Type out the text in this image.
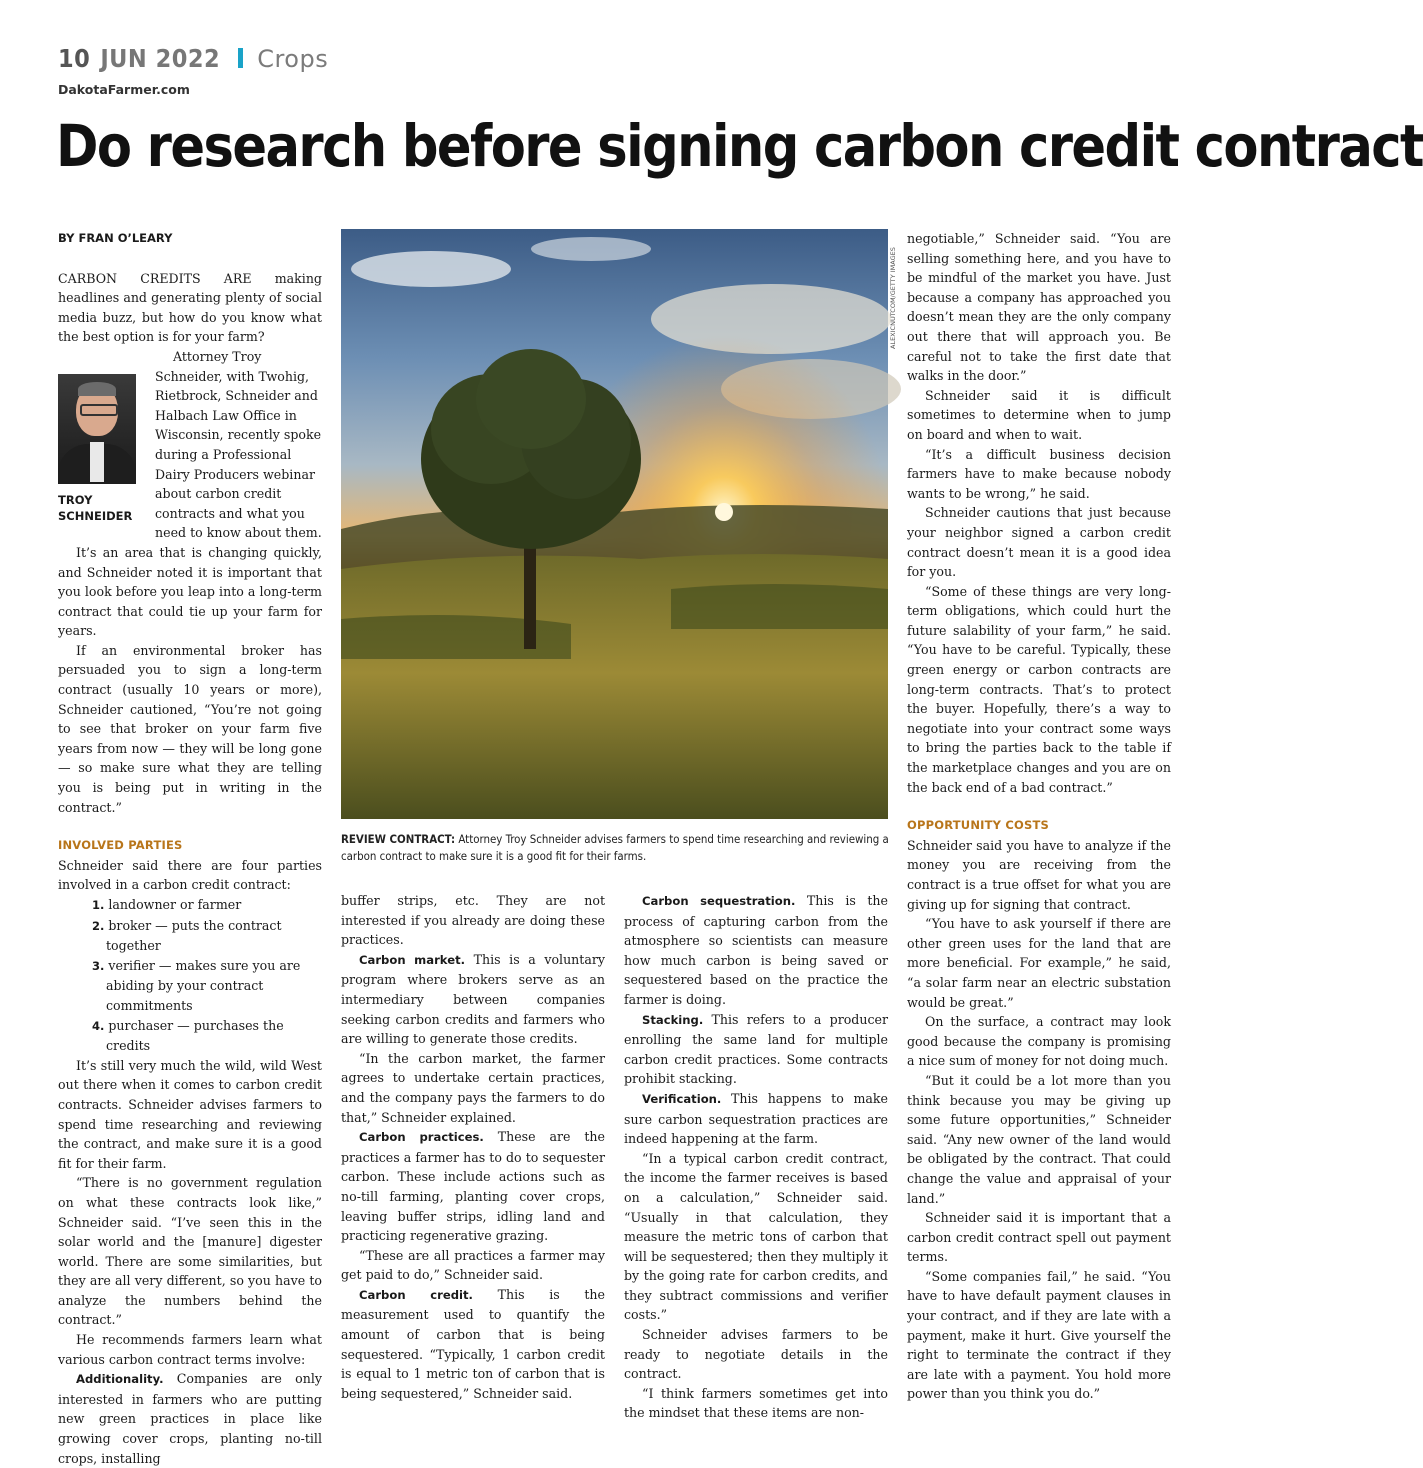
10 JUN 2022 Crops
DakotaFarmer.com
Do research before signing carbon credit contract
BY FRAN O’LEARY

CARBON CREDITS ARE making headlines and generating plenty of social media buzz, but how do you know what the best option is for your farm?

Attorney Troy Schneider, with Twohig, Rietbrock, Schneider and Halbach Law Office in Wisconsin, recently spoke during a Professional Dairy Producers webinar about carbon credit contracts and what you need to know about them.

It’s an area that is changing quickly, and Schneider noted it is important that you look before you leap into a long-term contract that could tie up your farm for years.

If an environmental broker has persuaded you to sign a long-term contract (usually 10 years or more), Schneider cautioned, “You’re not going to see that broker on your farm five years from now — they will be long gone — so make sure what they are telling you is being put in writing in the contract.”

INVOLVED PARTIES

Schneider said there are four parties involved in a carbon credit contract:

1. landowner or farmer
2. broker — puts the contract together
3. verifier — makes sure you are abiding by your contract commitments
4. purchaser — purchases the credits

It’s still very much the wild, wild West out there when it comes to carbon credit contracts. Schneider advises farmers to spend time researching and reviewing the contract, and make sure it is a good fit for their farm.

“There is no government regulation on what these contracts look like,” Schneider said. “I’ve seen this in the solar world and the [manure] digester world. There are some similarities, but they are all very different, so you have to analyze the numbers behind the contract.”

He recommends farmers learn what various carbon contract terms involve:

Additionality. Companies are only interested in farmers who are putting new green practices in place like growing cover crops, planting no-till crops, installing

TROY SCHNEIDER
ALEXICNUTCOM/GETTY IMAGES
REVIEW CONTRACT: Attorney Troy Schneider advises farmers to spend time researching and reviewing a carbon contract to make sure it is a good fit for their farms.

buffer strips, etc. They are not interested if you already are doing these practices.

Carbon market. This is a voluntary program where brokers serve as an intermediary between companies seeking carbon credits and farmers who are willing to generate those credits.

“In the carbon market, the farmer agrees to undertake certain practices, and the company pays the farmers to do that,” Schneider explained.

Carbon practices. These are the practices a farmer has to do to sequester carbon. These include actions such as no-till farming, planting cover crops, leaving buffer strips, idling land and practicing regenerative grazing.

“These are all practices a farmer may get paid to do,” Schneider said.

Carbon credit. This is the measurement used to quantify the amount of carbon that is being sequestered. “Typically, 1 carbon credit is equal to 1 metric ton of carbon that is being sequestered,” Schneider said.

Carbon sequestration. This is the process of capturing carbon from the atmosphere so scientists can measure how much carbon is being saved or sequestered based on the practice the farmer is doing.

Stacking. This refers to a producer enrolling the same land for multiple carbon credit practices. Some contracts prohibit stacking.

Verification. This happens to make sure carbon sequestration practices are indeed happening at the farm.

“In a typical carbon credit contract, the income the farmer receives is based on a calculation,” Schneider said. “Usually in that calculation, they measure the metric tons of carbon that will be sequestered; then they multiply it by the going rate for carbon credits, and they subtract commissions and verifier costs.”

Schneider advises farmers to be ready to negotiate details in the contract.

“I think farmers sometimes get into the mindset that these items are non-

negotiable,” Schneider said. “You are selling something here, and you have to be mindful of the market you have. Just because a company has approached you doesn’t mean they are the only company out there that will approach you. Be careful not to take the first date that walks in the door.”

Schneider said it is difficult sometimes to determine when to jump on board and when to wait.

“It’s a difficult business decision farmers have to make because nobody wants to be wrong,” he said.

Schneider cautions that just because your neighbor signed a carbon credit contract doesn’t mean it is a good idea for you.

“Some of these things are very long-term obligations, which could hurt the future salability of your farm,” he said. “You have to be careful. Typically, these green energy or carbon contracts are long-term contracts. That’s to protect the buyer. Hopefully, there’s a way to negotiate into your contract some ways to bring the parties back to the table if the marketplace changes and you are on the back end of a bad contract.”

OPPORTUNITY COSTS

Schneider said you have to analyze if the money you are receiving from the contract is a true offset for what you are giving up for signing that contract.

“You have to ask yourself if there are other green uses for the land that are more beneficial. For example,” he said, “a solar farm near an electric substation would be great.”

On the surface, a contract may look good because the company is promising a nice sum of money for not doing much.

“But it could be a lot more than you think because you may be giving up some future opportunities,” Schneider said. “Any new owner of the land would be obligated by the contract. That could change the value and appraisal of your land.”

Schneider said it is important that a carbon credit contract spell out payment terms.

“Some companies fail,” he said. “You have to have default payment clauses in your contract, and if they are late with a payment, make it hurt. Give yourself the right to terminate the contract if they are late with a payment. You hold more power than you think you do.”
